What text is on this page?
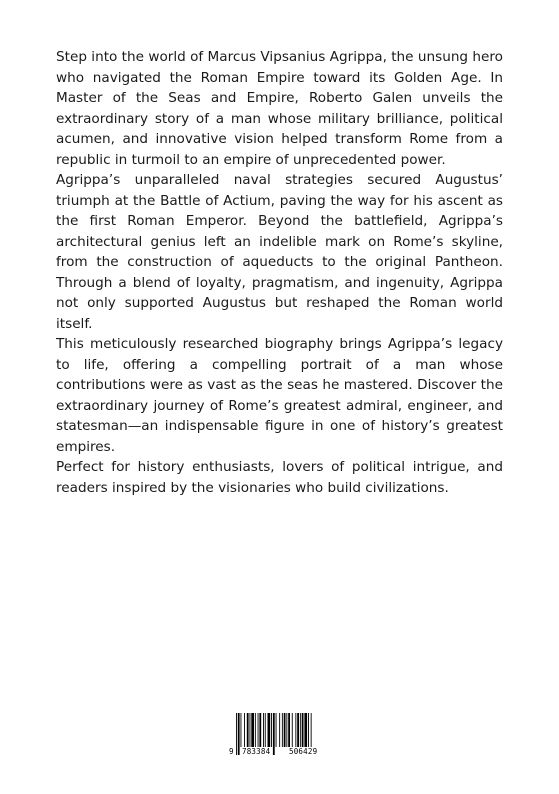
Step into the world of Marcus Vipsanius Agrippa, the unsung hero who navigated the Roman Empire toward its Golden Age. In Master of the Seas and Empire, Roberto Galen unveils the extraordinary story of a man whose military brilliance, political acumen, and innovative vision helped transform Rome from a republic in turmoil to an empire of unprecedented power.

Agrippa’s unparalleled naval strategies secured Augustus’ triumph at the Battle of Actium, paving the way for his ascent as the first Roman Emperor. Beyond the battlefield, Agrippa’s architectural genius left an indelible mark on Rome’s skyline, from the construction of aqueducts to the original Pantheon. Through a blend of loyalty, pragmatism, and ingenuity, Agrippa not only supported Augustus but reshaped the Roman world itself.

This meticulously researched biography brings Agrippa’s legacy to life, offering a compelling portrait of a man whose contributions were as vast as the seas he mastered. Discover the extraordinary journey of Rome’s greatest admiral, engineer, and statesman—an indispensable figure in one of history’s greatest empires.

Perfect for history enthusiasts, lovers of political intrigue, and readers inspired by the visionaries who build civilizations.

9 783384 506429
